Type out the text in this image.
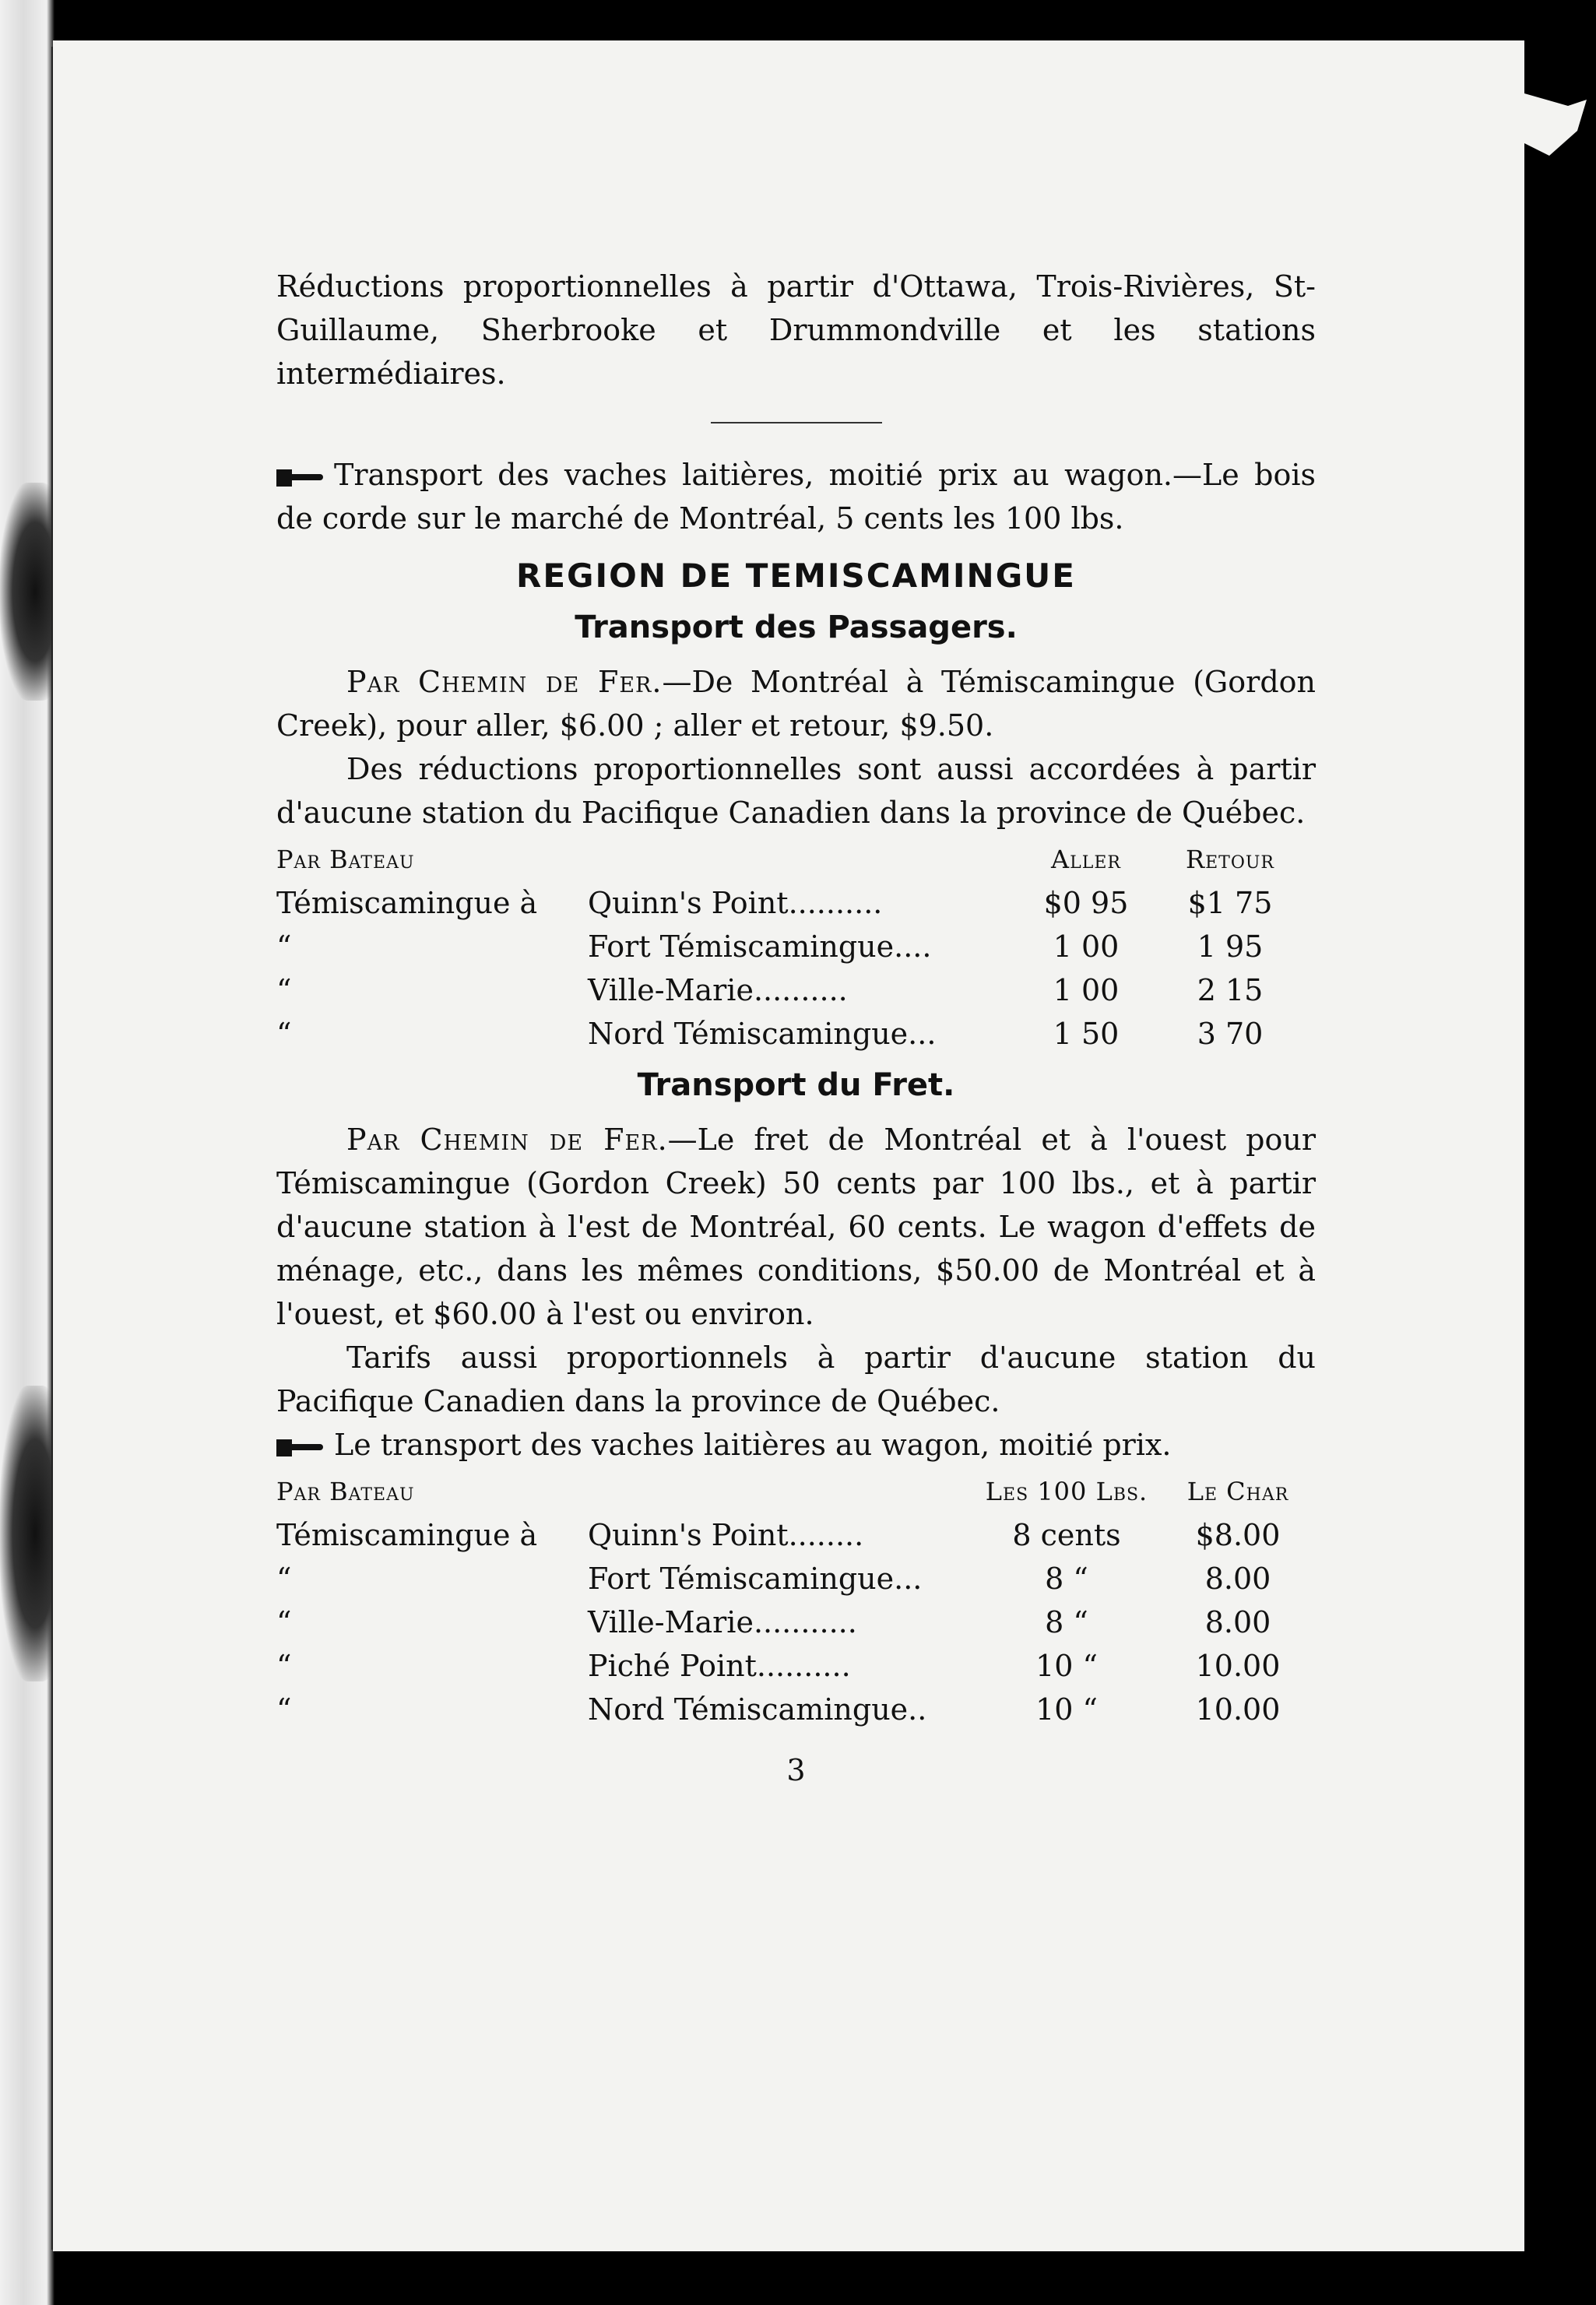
Réductions proportionnelles à partir d'Ottawa, Trois-Rivières, St-Guillaume, Sherbrooke et Drummondville et les stations intermédiaires.

Transport des vaches laitières, moitié prix au wagon.—Le bois de corde sur le marché de Montréal, 5 cents les 100 lbs.

REGION DE TEMISCAMINGUE
Transport des Passagers.

Par Chemin de Fer.—De Montréal à Témiscamingue (Gordon Creek), pour aller, $6.00 ; aller et retour, $9.50.

Des réductions proportionnelles sont aussi accordées à partir d'aucune station du Pacifique Canadien dans la province de Québec.

Par Bateau		Aller	Retour
Témiscamingue à	Quinn's Point..........	$0 95	$1 75
“	Fort Témiscamingue....	1 00	1 95
“	Ville-Marie..........	1 00	2 15
“	Nord Témiscamingue...	1 50	3 70
Transport du Fret.

Par Chemin de Fer.—Le fret de Montréal et à l'ouest pour Témiscamingue (Gordon Creek) 50 cents par 100 lbs., et à partir d'aucune station à l'est de Montréal, 60 cents. Le wagon d'effets de ménage, etc., dans les mêmes conditions, $50.00 de Montréal et à l'ouest, et $60.00 à l'est ou environ.

Tarifs aussi proportionnels à partir d'aucune station du Pacifique Canadien dans la province de Québec.

Le transport des vaches laitières au wagon, moitié prix.

Par Bateau		Les 100 Lbs.	Le Char
Témiscamingue à	Quinn's Point........	8 cents	$8.00
“	Fort Témiscamingue...	8 “	8.00
“	Ville-Marie...........	8 “	8.00
“	Piché Point..........	10 “	10.00
“	Nord Témiscamingue..	10 “	10.00
3
